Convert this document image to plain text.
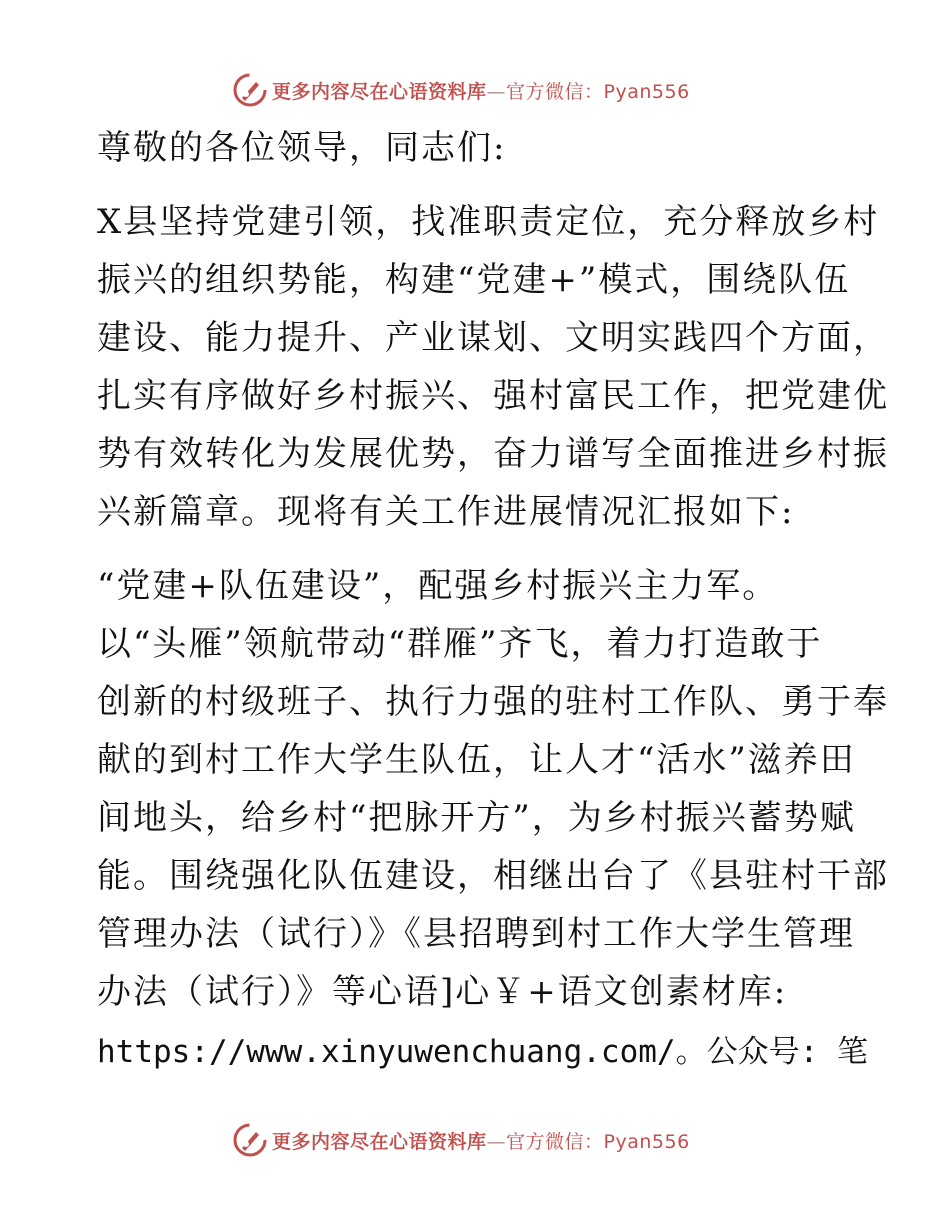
更多内容尽在心语资料库—官方微信：Pyan556
尊敬的各位领导，同志们:
X县坚持党建引领，找准职责定位，充分释放乡村
振兴的组织势能，构建“党建+”模式，围绕队伍
建设、能力提升、产业谋划、文明实践四个方面，
扎实有序做好乡村振兴、强村富民工作，把党建优
势有效转化为发展优势，奋力谱写全面推进乡村振
兴新篇章。现将有关工作进展情况汇报如下:
“党建+队伍建设”，配强乡村振兴主力军。
以“头雁”领航带动“群雁”齐飞，着力打造敢于
创新的村级班子、执行力强的驻村工作队、勇于奉
献的到村工作大学生队伍，让人才“活水”滋养田
间地头，给乡村“把脉开方”，为乡村振兴蓄势赋
能。围绕强化队伍建设，相继出台了《县驻村干部
管理办法（试行）》《县招聘到村工作大学生管理
办法（试行）》等心语]心￥+语文创素材库:
https://www.xinyuwenchuang.com/。公众号: 笔
更多内容尽在心语资料库—官方微信：Pyan556
